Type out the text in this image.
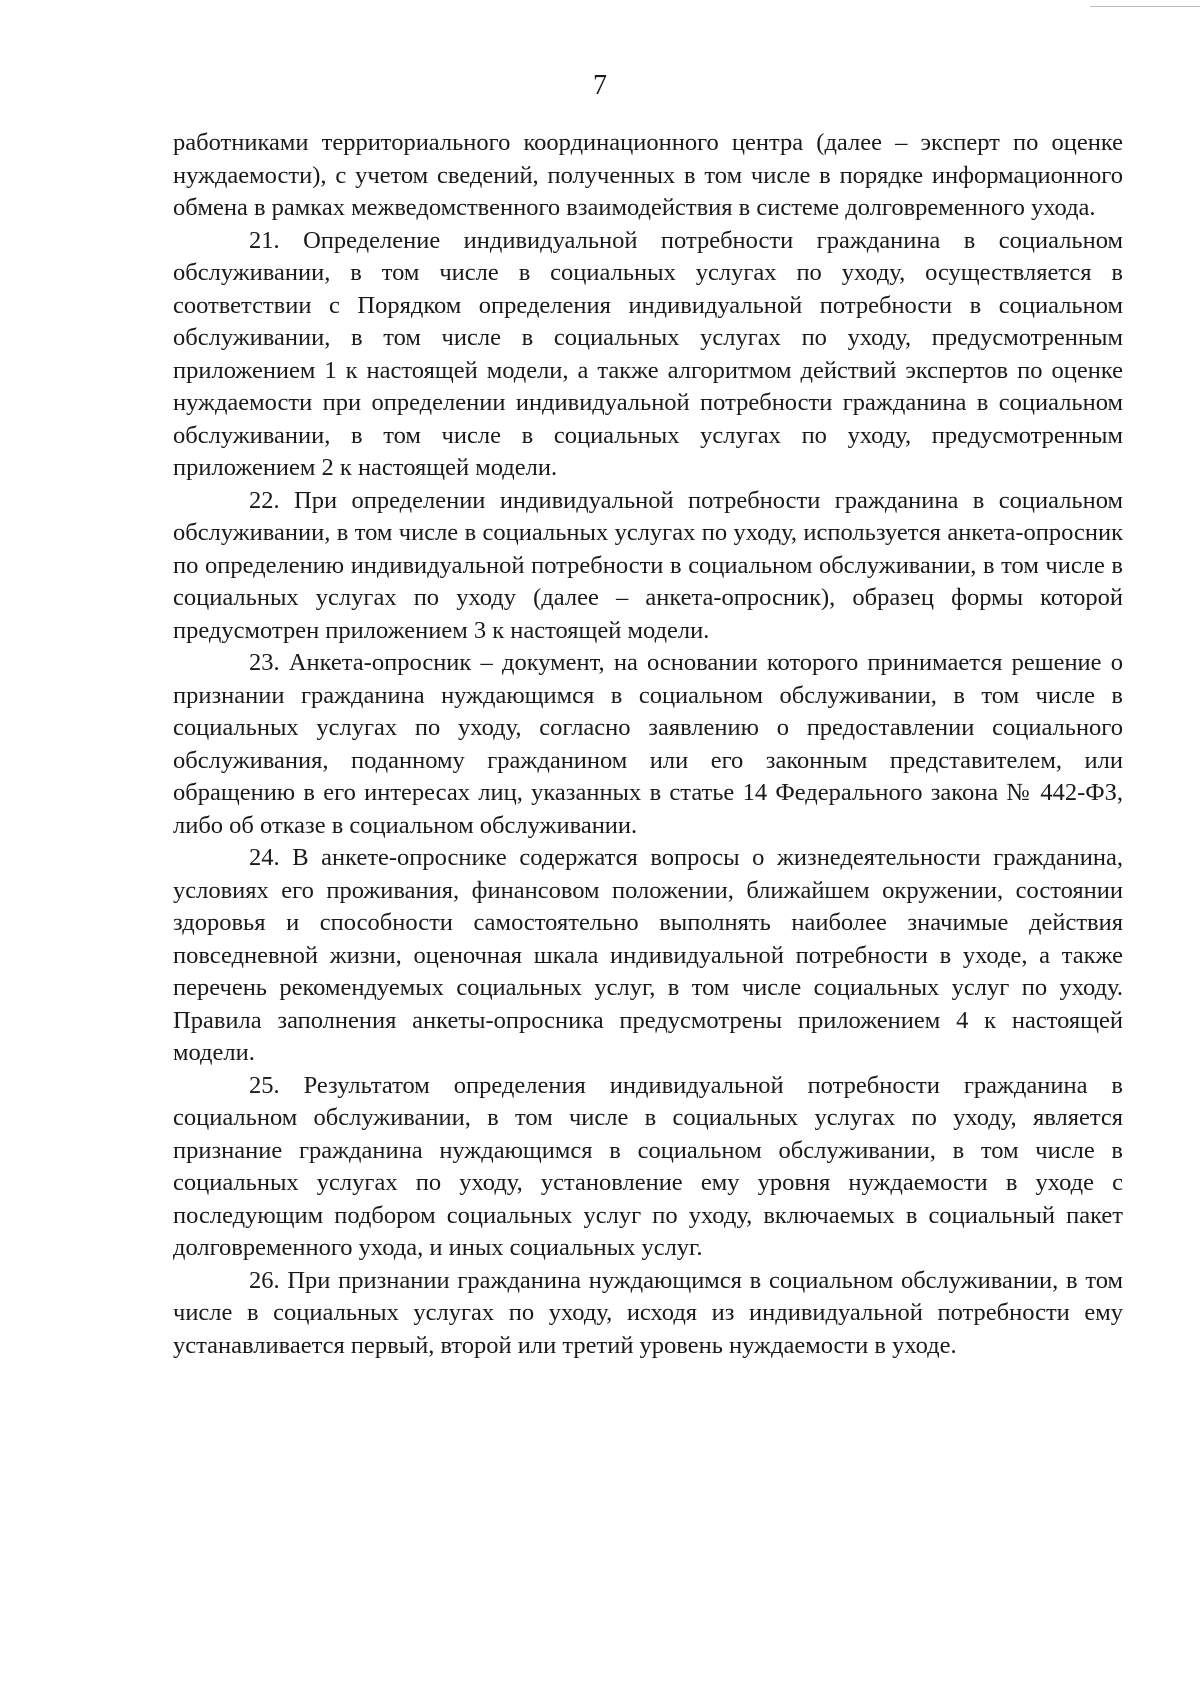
7

работниками территориального координационного центра (далее – эксперт по оценке нуждаемости), с учетом сведений, полученных в том числе в порядке информационного обмена в рамках межведомственного взаимодействия в системе долговременного ухода.

21. Определение индивидуальной потребности гражданина в социальном обслуживании, в том числе в социальных услугах по уходу, осуществляется в соответствии с Порядком определения индивидуальной потребности в социальном обслуживании, в том числе в социальных услугах по уходу, предусмотренным приложением 1 к настоящей модели, а также алгоритмом действий экспертов по оценке нуждаемости при определении индивидуальной потребности гражданина в социальном обслуживании, в том числе в социальных услугах по уходу, предусмотренным приложением 2 к настоящей модели.

22. При определении индивидуальной потребности гражданина в социальном обслуживании, в том числе в социальных услугах по уходу, используется анкета-опросник по определению индивидуальной потребности в социальном обслуживании, в том числе в социальных услугах по уходу (далее – анкета-опросник), образец формы которой предусмотрен приложением 3 к настоящей модели.

23. Анкета-опросник – документ, на основании которого принимается решение о признании гражданина нуждающимся в социальном обслуживании, в том числе в социальных услугах по уходу, согласно заявлению о предоставлении социального обслуживания, поданному гражданином или его законным представителем, или обращению в его интересах лиц, указанных в статье 14 Федерального закона № 442-ФЗ, либо об отказе в социальном обслуживании.

24. В анкете-опроснике содержатся вопросы о жизнедеятельности гражданина, условиях его проживания, финансовом положении, ближайшем окружении, состоянии здоровья и способности самостоятельно выполнять наиболее значимые действия повседневной жизни, оценочная шкала индивидуальной потребности в уходе, а также перечень рекомендуемых социальных услуг, в том числе социальных услуг по уходу. Правила заполнения анкеты-опросника предусмотрены приложением 4 к настоящей модели.

25. Результатом определения индивидуальной потребности гражданина в социальном обслуживании, в том числе в социальных услугах по уходу, является признание гражданина нуждающимся в социальном обслуживании, в том числе в социальных услугах по уходу, установление ему уровня нуждаемости в уходе с последующим подбором социальных услуг по уходу, включаемых в социальный пакет долговременного ухода, и иных социальных услуг.

26. При признании гражданина нуждающимся в социальном обслуживании, в том числе в социальных услугах по уходу, исходя из индивидуальной потребности ему устанавливается первый, второй или третий уровень нуждаемости в уходе.
